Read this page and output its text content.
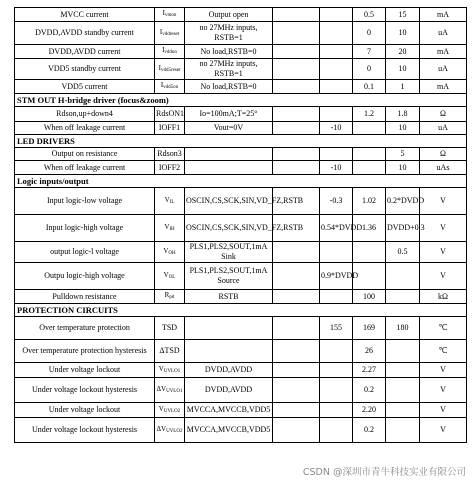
·· ·· ··· ··
MVCC current	$I_{vmon}$	Output open			0.5	15	mA
DVDD,AVDD standby current	$I_{vddreset}$	no 27MHz inputs, RSTB=1			0	10	uA
DVDD,AVDD current	$I_{vddon}$	No load,RSTB=0			7	20	mA
VDD5 standby current	$I_{vdd5reset}$	no 27MHz inputs, RSTB=1			0	10	uA
VDD5 current	$I_{vdd5on}$	No load,RSTB=0			0.1	1	mA
STM OUT H-bridge driver (focus&zoom)							
Rdson,up+down4	RdsON1	Io=100mA;T=25°			1.2	1.8	Ω
When off leakage current	IOFF1	Vout=0V		-10		10	uA
LED DRIVERS							
Output on resistance	Rdson3					5	Ω
When off leakage current	IOFF2			-10		10	uAs
Logic inputs/output							
Input logic-low voltage	$V_{IL}$	OSCIN,CS,SCK,SIN,VD_FZ,RSTB		-0.3	1.02	0.2*DVDD	V
Input logic-high voltage	$V_{IH}$	OSCIN,CS,SCK,SIN,VD_FZ,RSTB		0.54*DVDD	1.36	DVDD+0.3	V
output logic-l voltage	$V_{OH}$	PLS1,PLS2,SOUT,1mA Sink				0.5	V
Outpu logic-high voltage	$V_{OL}$	PLS1,PLS2,SOUT,1mA Source		0.9*DVDD			V
Pulldown resistance	$R_{pd}$	RSTB			100		kΩ
PROTECTION CIRCUITS							
Over temperature protection	TSD			155	169	180	℃
Over temperature protection hysteresis	ΔTSD				26		℃
Under voltage lockout	$V_{UVLO1}$	DVDD,AVDD			2.27		V
Under voltage lockout hysteresis	$\Delta V_{UVLO1}$	DVDD,AVDD			0.2		V
Under voltage lockout	$V_{UVLO2}$	MVCCA,MVCCB,VDD5			2.20		V
Under voltage lockout hysteresis	$\Delta V_{UVLO2}$	MVCCA,MVCCB,VDD5			0.2		V
CSDN @深圳市青牛科技实业有限公司
